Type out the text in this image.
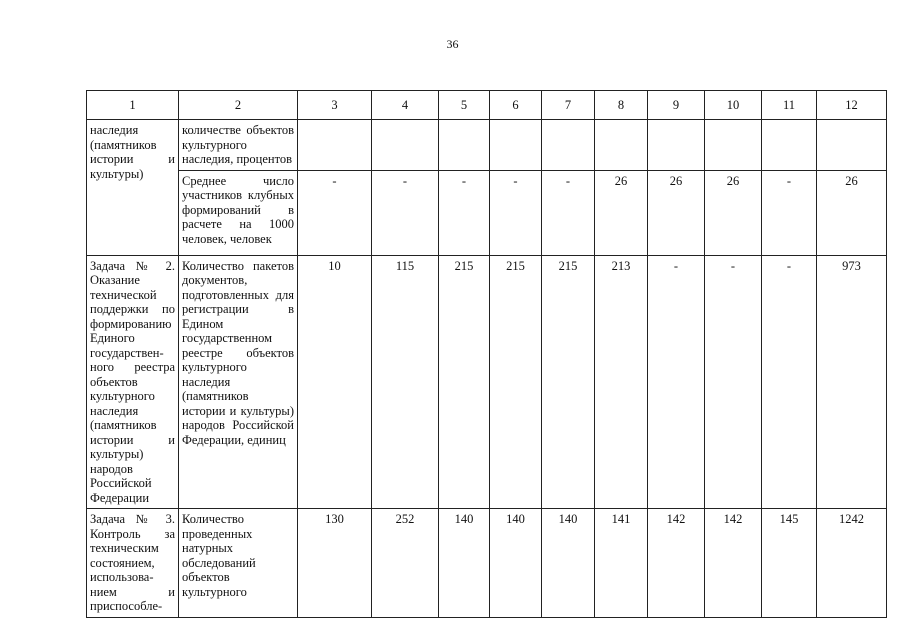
36
1	2	3	4	5	6	7	8	9	10	11	12
наследия (памятников истории и культуры)	количестве объектов культурного наследия, процентов										
	Среднее число участников клубных формирований в расчете на 1000 человек, человек	-	-	-	-	-	26	26	26	-	26
Задача № 2. Оказание технической поддержки по формированию Единого государственного реестра объектов культурного наследия (памятников истории и культуры) народов Российской Федерации	Количество пакетов документов, подготовленных для регистрации в Едином государственном реестре объектов культурного наследия (памятников истории и культуры) народов Российской Федерации, единиц	10	115	215	215	215	213	-	-	-	973
Задача № 3. Контроль за техническим состоянием, использованием и приспособле-	Количество проведенных натурных обследований объектов культурного	130	252	140	140	140	141	142	142	145	1242
